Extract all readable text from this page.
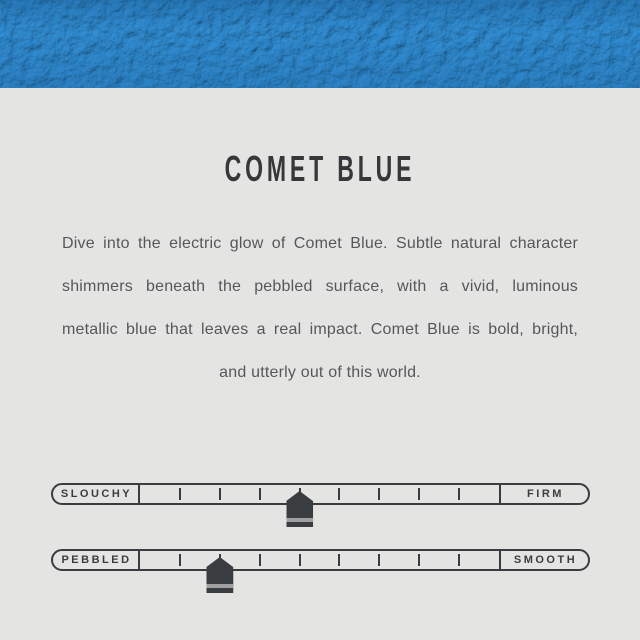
COMET BLUE
Dive into the electric glow of Comet Blue. Subtle natural character
shimmers beneath the pebbled surface, with a vivid, luminous
metallic blue that leaves a real impact. Comet Blue is bold, bright,
and utterly out of this world.
SLOUCHY	FIRM
PEBBLED	SMOOTH
